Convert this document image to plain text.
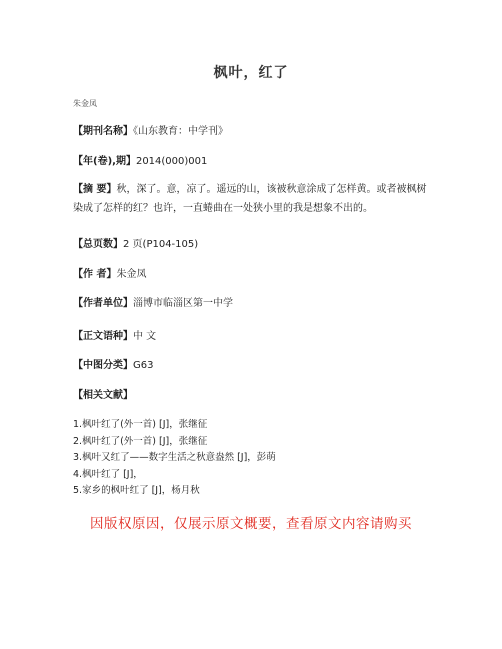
枫叶，红了
朱金凤
【期刊名称】《山东教育：中学刊》
【年(卷),期】2014(000)001
【摘 要】秋，深了。意，凉了。遥远的山，该被秋意涂成了怎样黄。或者被枫树染成了怎样的红？也许，一直蜷曲在一处狭小里的我是想象不出的。
【总页数】2 页(P104-105)
【作 者】朱金凤
【作者单位】淄博市临淄区第一中学
【正文语种】中 文
【中图分类】G63
【相关文献】
1.枫叶红了(外一首) [J]，张继征
2.枫叶红了(外一首) [J]，张继征
3.枫叶又红了——数字生活之秋意盎然 [J]，彭萌
4.枫叶红了 [J]，
5.家乡的枫叶红了 [J]，杨月秋
因版权原因，仅展示原文概要，查看原文内容请购买
